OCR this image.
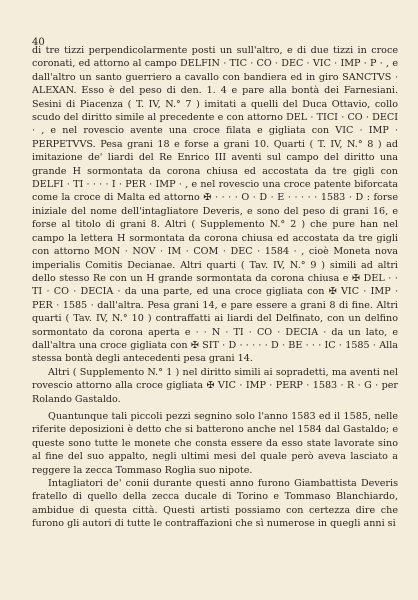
40

di tre tizzi perpendicolarmente posti un sull'altro, e di due tizzi in croce coronati, ed attorno al campo DELFIN · TIC · CO · DEC · VIC · IMP · P · , e dall'altro un santo guerriero a cavallo con bandiera ed in giro SANCTVS · ALEXAN. Esso è del peso di den. 1. 4 e pare alla bontà dei Farnesiani. Sesini di Piacenza ( T. IV, N.° 7 ) imitati a quelli del Duca Ottavio, collo scudo del diritto simile al precedente e con attorno DEL · TICI · CO · DECI · , e nel rovescio avente una croce filata e gigliata con VIC · IMP · PERPETVVS. Pesa grani 18 e forse a grani 10. Quarti ( T. IV, N.° 8 ) ad imitazione de' liardi del Re Enrico III aventi sul campo del diritto una grande H sormontata da corona chiusa ed accostata da tre gigli con DELFI · TI · · · · I · PER · IMP · , e nel rovescio una croce patente biforcata come la croce di Malta ed attorno ✠ · · · · O · D · E · · · · · 1583 · D : forse iniziale del nome dell'intagliatore Deveris, e sono del peso di grani 16, e forse al titolo di grani 8. Altri ( Supplemento N.° 2 ) che pure han nel campo la lettera H sormontata da corona chiusa ed accostata da tre gigli con attorno MON · NOV · IM · COM · DEC · 1584 · , cioè Moneta nova imperialis Comitis Decianae. Altri quarti ( Tav. IV, N.° 9 ) simili ad altri dello stesso Re con un H grande sormontata da corona chiusa e ✠ DEL · · TI · CO · DECIA · da una parte, ed una croce gigliata con ✠ VIC · IMP · PER · 1585 · dall'altra. Pesa grani 14, e pare essere a grani 8 di fine. Altri quarti ( Tav. IV, N.° 10 ) contraffatti ai liardi del Delfinato, con un delfino sormontato da corona aperta e · · N · TI · CO · DECIA · da un lato, e dall'altra una croce gigliata con ✠ SIT · D · · · · · D · BE · · · IC · 1585 · Alla stessa bontà degli antecedenti pesa grani 14.

Altri ( Supplemento N.° 1 ) nel diritto simili ai sopradetti, ma aventi nel rovescio attorno alla croce gigliata ✠ VIC · IMP · PERP · 1583 · R · G · per Rolando Gastaldo.

Quantunque tali piccoli pezzi segnino solo l'anno 1583 ed il 1585, nelle riferite deposizioni è detto che si batterono anche nel 1584 dal Gastaldo; e queste sono tutte le monete che consta essere da esso state lavorate sino al fine del suo appalto, negli ultimi mesi del quale però aveva lasciato a reggere la zecca Tommaso Roglia suo nipote.

Intagliatori de' conii durante questi anno furono Giambattista Deveris fratello di quello della zecca ducale di Torino e Tommaso Blanchiardo, ambidue di questa città. Questi artisti possiamo con certezza dire che furono gli autori di tutte le contraffazioni che sì numerose in quegli anni si
